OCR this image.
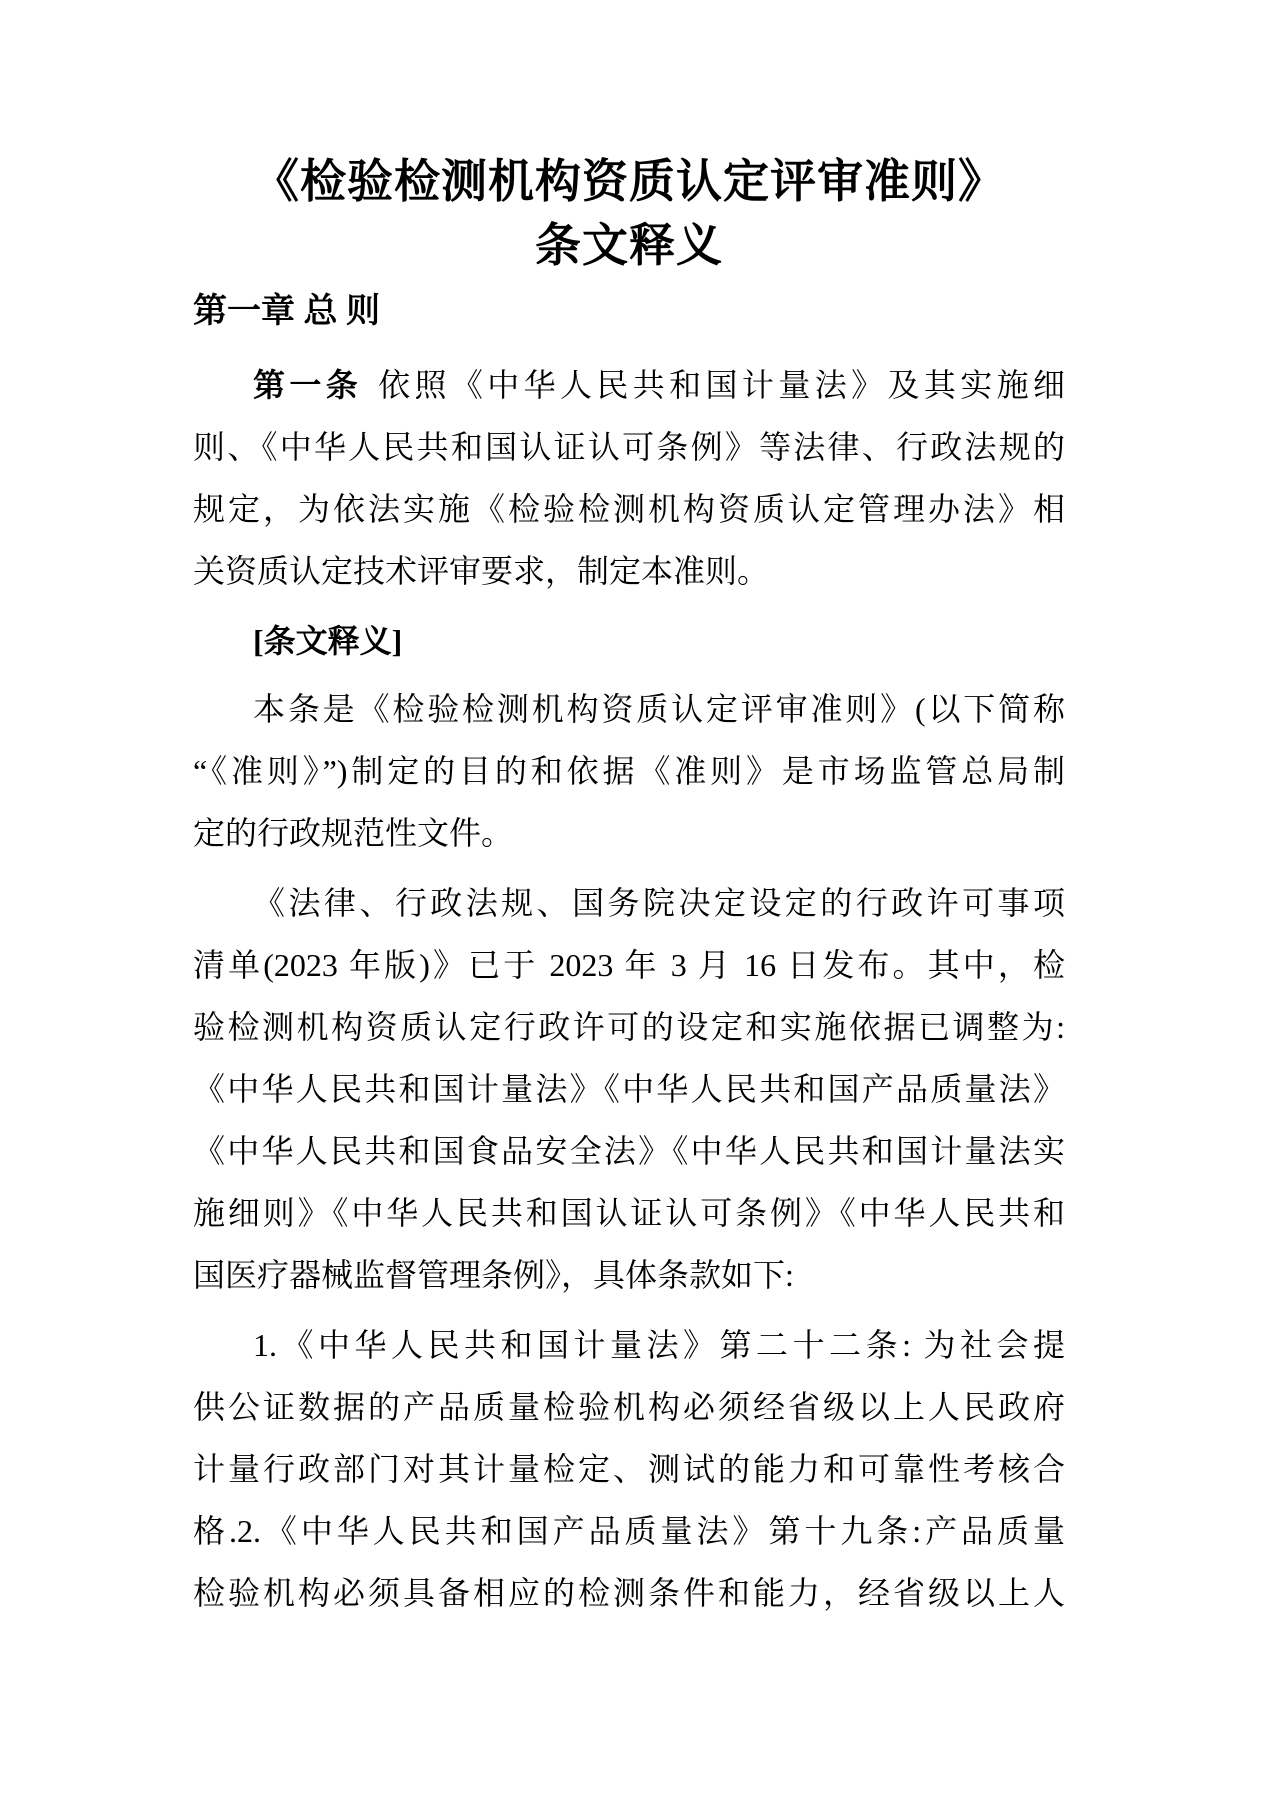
《检验检测机构资质认定评审准则》
条文释义
第一章 总 则
第一条 依照《中华人民共和国计量法》及其实施细
则、《中华人民共和国认证认可条例》等法律、行政法规的
规定，为依法实施《检验检测机构资质认定管理办法》相
关资质认定技术评审要求，制定本准则。
[条文释义]
本条是《检验检测机构资质认定评审准则》(以下简称
“《准则》”)制定的目的和依据《准则》是市场监管总局制
定的行政规范性文件。
《法律、行政法规、国务院决定设定的行政许可事项
清单(2023 年版)》已于 2023 年 3 月 16 日发布。其中，检
验检测机构资质认定行政许可的设定和实施依据已调整为:
《中华人民共和国计量法》《中华人民共和国产品质量法》
《中华人民共和国食品安全法》《中华人民共和国计量法实
施细则》《中华人民共和国认证认可条例》《中华人民共和
国医疗器械监督管理条例》，具体条款如下:
1.《中华人民共和国计量法》第二十二条: 为社会提
供公证数据的产品质量检验机构必须经省级以上人民政府
计量行政部门对其计量检定、测试的能力和可靠性考核合
格.2.《中华人民共和国产品质量法》第十九条:产品质量
检验机构必须具备相应的检测条件和能力，经省级以上人
